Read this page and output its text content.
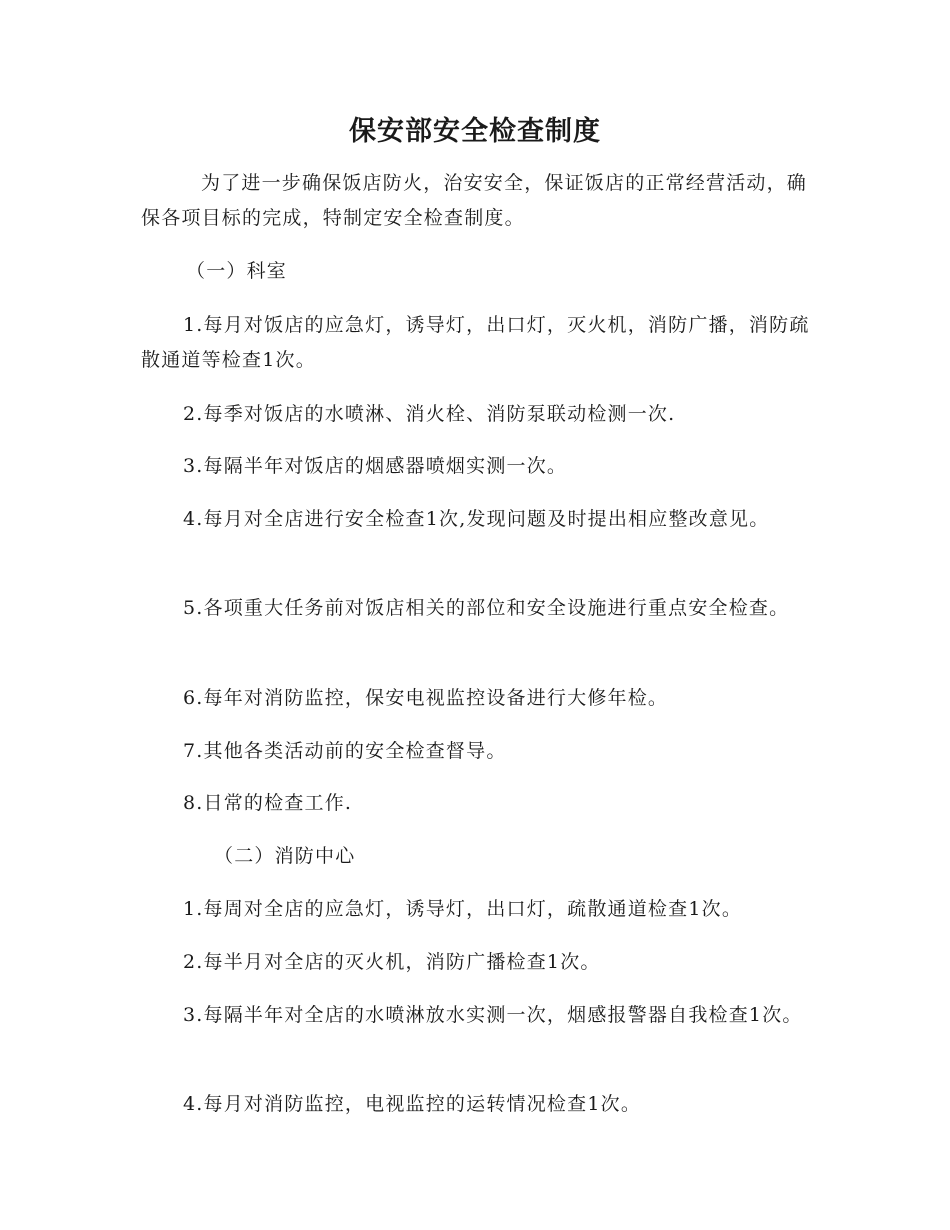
保安部安全检查制度

为了进一步确保饭店防火，治安安全，保证饭店的正常经营活动，确保各项目标的完成，特制定安全检查制度。

（一）科室

1.每月对饭店的应急灯，诱导灯，出口灯，灭火机，消防广播，消防疏散通道等检查1次。

2.每季对饭店的水喷淋、消火栓、消防泵联动检测一次.

3.每隔半年对饭店的烟感器喷烟实测一次。

4.每月对全店进行安全检查1次,发现问题及时提出相应整改意见。

5.各项重大任务前对饭店相关的部位和安全设施进行重点安全检查。

6.每年对消防监控，保安电视监控设备进行大修年检。

7.其他各类活动前的安全检查督导。

8.日常的检查工作.

（二）消防中心

1.每周对全店的应急灯，诱导灯，出口灯，疏散通道检查1次。

2.每半月对全店的灭火机，消防广播检查1次。

3.每隔半年对全店的水喷淋放水实测一次，烟感报警器自我检查1次。

4.每月对消防监控，电视监控的运转情况检查1次。
